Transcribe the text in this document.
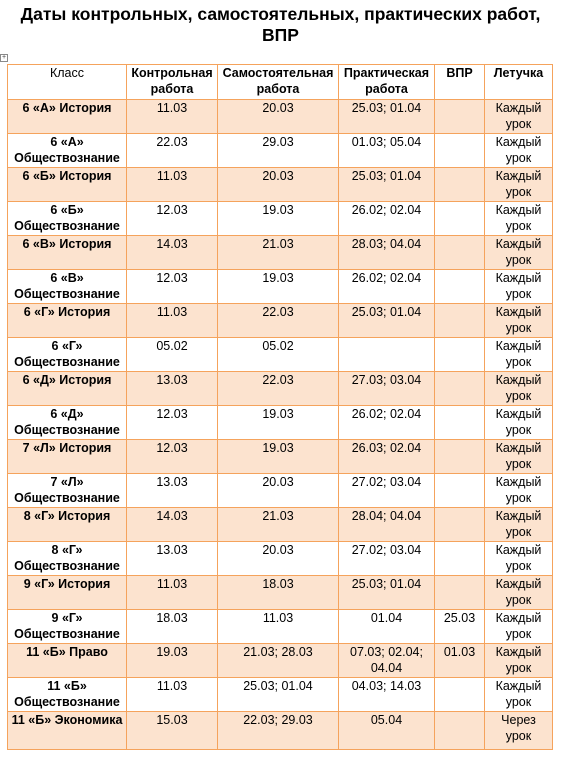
Даты контрольных, самостоятельных, практических работ,
ВПР
+
Класс	Контрольная работа	Самостоятельная работа	Практическая работа	ВПР	Летучка
6 «А» История	11.03	20.03	25.03; 01.04		Каждый урок
6 «А» Обществознание	22.03	29.03	01.03; 05.04		Каждый урок
6 «Б» История	11.03	20.03	25.03; 01.04		Каждый урок
6 «Б» Обществознание	12.03	19.03	26.02; 02.04		Каждый урок
6 «В» История	14.03	21.03	28.03; 04.04		Каждый урок
6 «В» Обществознание	12.03	19.03	26.02; 02.04		Каждый урок
6 «Г» История	11.03	22.03	25.03; 01.04		Каждый урок
6 «Г» Обществознание	05.02	05.02			Каждый урок
6 «Д» История	13.03	22.03	27.03; 03.04		Каждый урок
6 «Д» Обществознание	12.03	19.03	26.02; 02.04		Каждый урок
7 «Л» История	12.03	19.03	26.03; 02.04		Каждый урок
7 «Л» Обществознание	13.03	20.03	27.02; 03.04		Каждый урок
8 «Г» История	14.03	21.03	28.04; 04.04		Каждый урок
8 «Г» Обществознание	13.03	20.03	27.02; 03.04		Каждый урок
9 «Г» История	11.03	18.03	25.03; 01.04		Каждый урок
9 «Г» Обществознание	18.03	11.03	01.04	25.03	Каждый урок
11 «Б» Право	19.03	21.03; 28.03	07.03; 02.04; 04.04	01.03	Каждый урок
11 «Б» Обществознание	11.03	25.03; 01.04	04.03; 14.03		Каждый урок
11 «Б» Экономика	15.03	22.03; 29.03	05.04		Через урок
